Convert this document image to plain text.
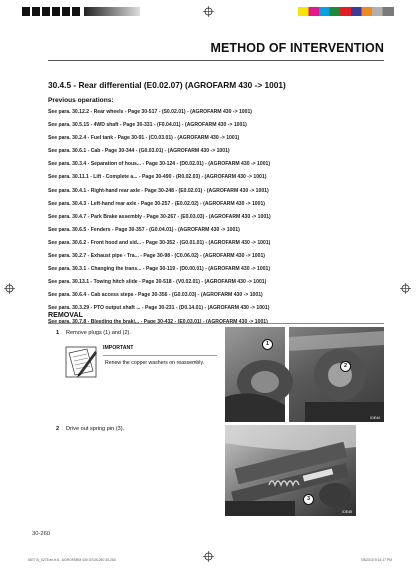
METHOD OF INTERVENTION
30.4.5 - Rear differential (E0.02.07) (AGROFARM 430 -> 1001)
Previous operations:
See para. 30.12.2 - Rear wheels - Page 30-517 - (S0.02.01) - (AGROFARM 430 -> 1001)
See para. 30.5.15 - 4WD shaft - Page 30-331 - (F0.04.01) - (AGROFARM 430 -> 1001)
See para. 30.2.4 - Fuel tank - Page 30-91 - (C0.03.01) - (AGROFARM 430 -> 1001)
See para. 30.6.1 - Cab - Page 30-344 - (G0.03.01) - (AGROFARM 430 -> 1001)
See para. 30.3.4 - Separation of hous... - Page 30-124 - (D0.02.01) - (AGROFARM 430 -> 1001)
See para. 30.11.1 - Lift - Complete a... - Page 30-490 - (R0.02.03) - (AGROFARM 430 -> 1001)
See para. 30.4.1 - Right-hand rear axle - Page 30-248 - (E0.02.01) - (AGROFARM 430 -> 1001)
See para. 30.4.3 - Left-hand rear axle - Page 30-257 - (E0.02.02) - (AGROFARM 430 -> 1001)
See para. 30.4.7 - Park Brake assembly - Page 30-267 - (E0.03.03) - (AGROFARM 430 -> 1001)
See para. 30.6.5 - Fenders - Page 30-357 - (G0.04.01) - (AGROFARM 430 -> 1001)
See para. 30.6.2 - Front hood and sid... - Page 30-352 - (G0.01.01) - (AGROFARM 430 -> 1001)
See para. 30.2.7 - Exhaust pipe - Tra... - Page 30-98 - (C0.06.02) - (AGROFARM 430 -> 1001)
See para. 30.3.1 - Changing the trans... - Page 30-119 - (D0.00.01) - (AGROFARM 430 -> 1001)
See para. 30.13.1 - Towing hitch slide - Page 30-518 - (V0.02.01) - (AGROFARM 430 -> 1001)
See para. 30.6.4 - Cab access steps - Page 30-356 - (G0.03.03) - (AGROFARM 430 -> 1001)
See para. 30.3.29 - PTO output shaft ... - Page 30-231 - (D0.14.01) - (AGROFARM 430 -> 1001)
See para. 30.7.8 - Bleeding the braki... - Page 30-432 - (E0.03.01) - (AGROFARM 430 -> 1001)
REMOVAL
1 Remove plugs (1) and (2).
IMPORTANT
Renew the copper washers on reassembly.
1
2
IDE44
2 Drive out spring pin (3).
3
IDE45
30-260
5877 B_X275.en.fr.8 - AGROFARM 430 GS.IB.260 30-260	7/8/2010 9:14:17 PM
